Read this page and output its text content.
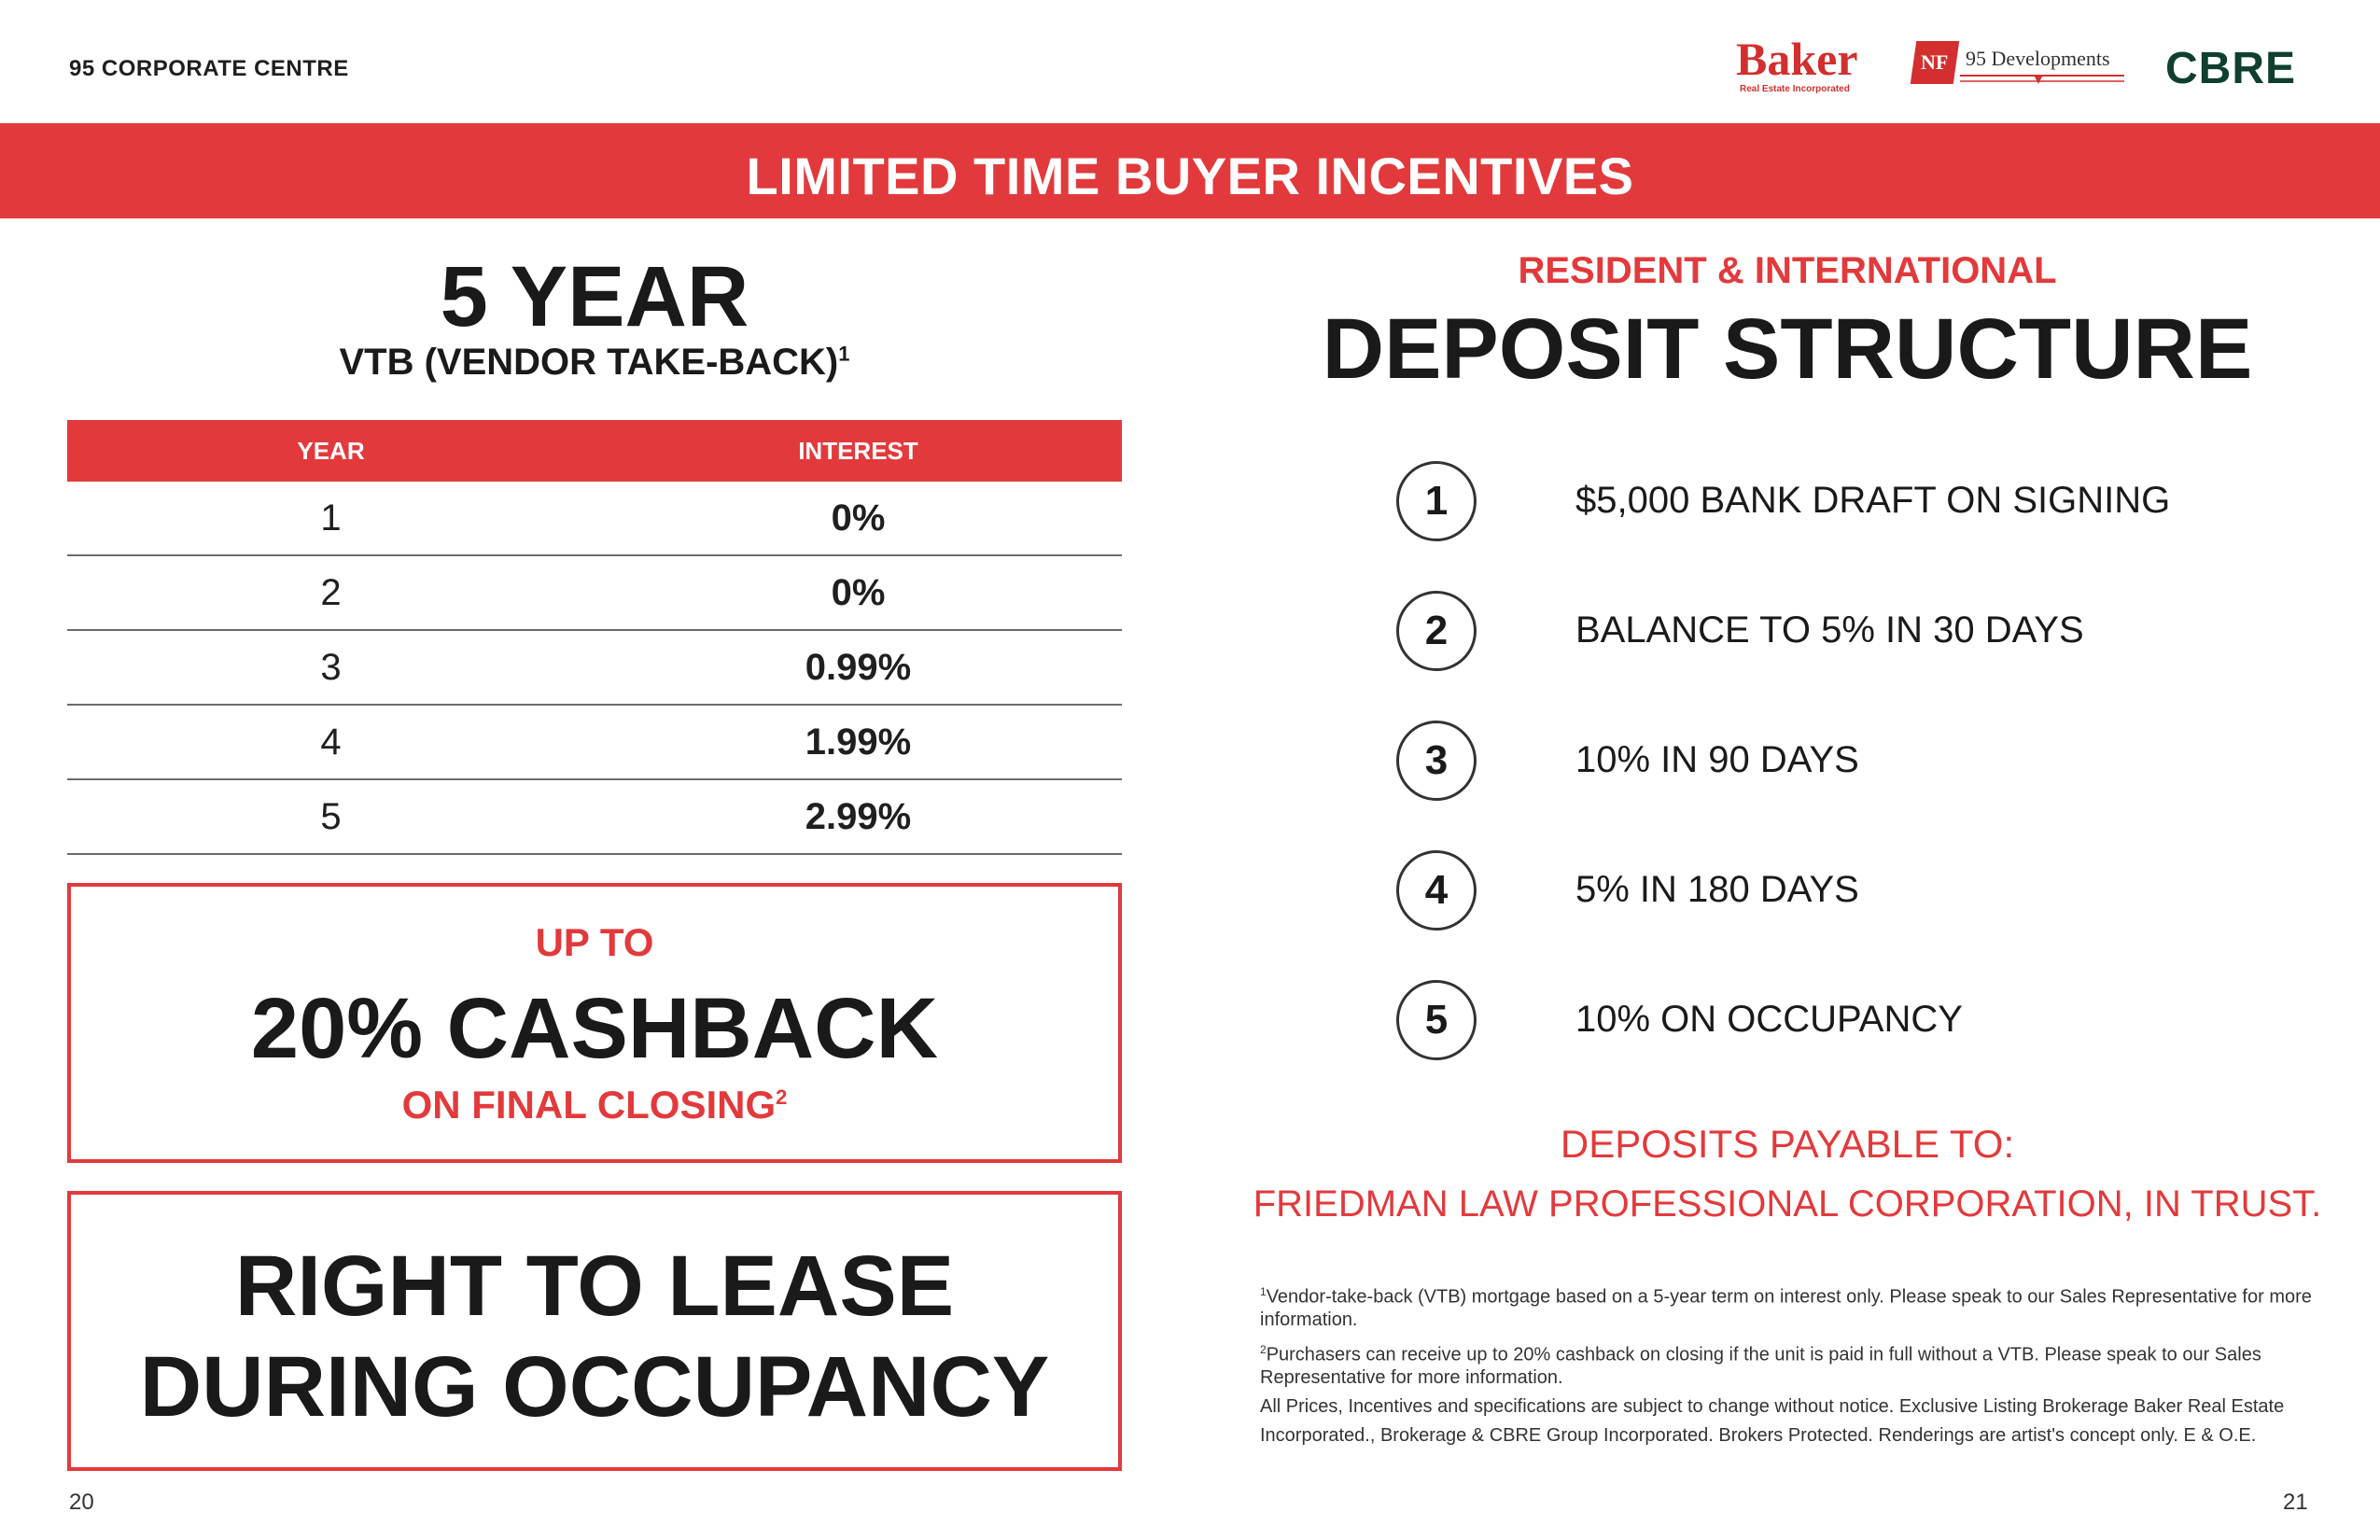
95 CORPORATE CENTRE	Baker
Real Estate Incorporated
NF 95 Developments CBRE
LIMITED TIME BUYER INCENTIVES
5 YEAR
VTB (VENDOR TAKE-BACK)$^1$
YEAR	INTEREST
1	0%
2	0%
3	0.99%
4	1.99%
5	2.99%
UP TO
20% CASHBACK
ON FINAL CLOSING$^2$
RIGHT TO LEASE
DURING OCCUPANCY
RESIDENT & INTERNATIONAL
DEPOSIT STRUCTURE
1	$5,000 BANK DRAFT ON SIGNING
2	BALANCE TO 5% IN 30 DAYS
3	10% IN 90 DAYS
4	5% IN 180 DAYS
5	10% ON OCCUPANCY
DEPOSITS PAYABLE TO:
FRIEDMAN LAW PROFESSIONAL CORPORATION, IN TRUST.
$^1$Vendor-take-back (VTB) mortgage based on a 5-year term on interest only. Please speak to our Sales Representative for more information.
$^2$Purchasers can receive up to 20% cashback on closing if the unit is paid in full without a VTB. Please speak to our Sales Representative for more information.
All Prices, Incentives and specifications are subject to change without notice. Exclusive Listing Brokerage Baker Real Estate Incorporated., Brokerage & CBRE Group Incorporated. Brokers Protected. Renderings are artist's concept only. E & O.E.
20	21
